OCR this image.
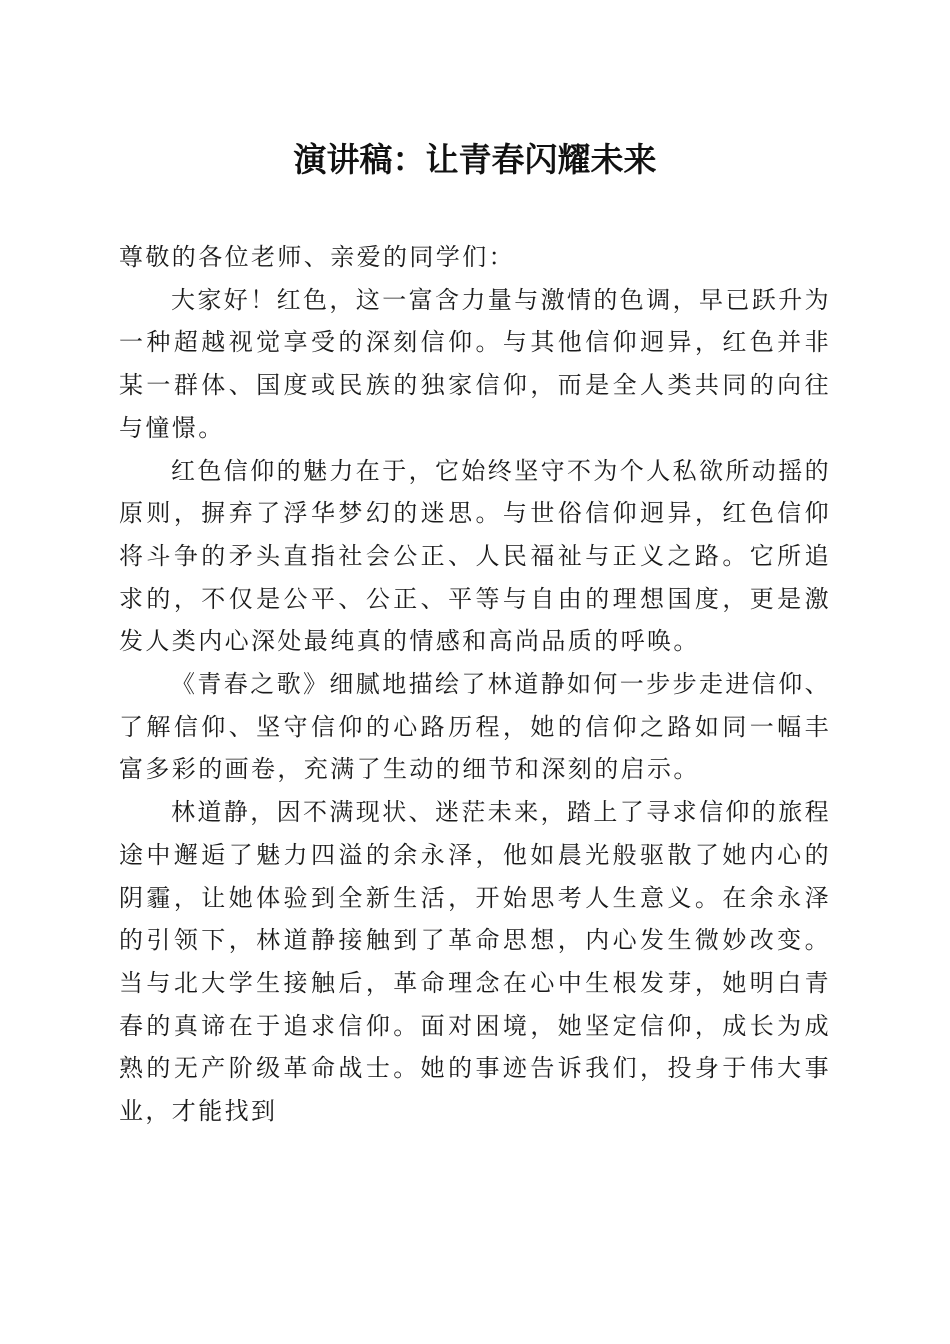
演讲稿：让青春闪耀未来

尊敬的各位老师、亲爱的同学们：

大家好！红色，这一富含力量与激情的色调，早已跃升为一种超越视觉享受的深刻信仰。与其他信仰迥异，红色并非某一群体、国度或民族的独家信仰，而是全人类共同的向往与憧憬。

红色信仰的魅力在于，它始终坚守不为个人私欲所动摇的原则，摒弃了浮华梦幻的迷思。与世俗信仰迥异，红色信仰将斗争的矛头直指社会公正、人民福祉与正义之路。它所追求的，不仅是公平、公正、平等与自由的理想国度，更是激发人类内心深处最纯真的情感和高尚品质的呼唤。

《青春之歌》细腻地描绘了林道静如何一步步走进信仰、了解信仰、坚守信仰的心路历程，她的信仰之路如同一幅丰富多彩的画卷，充满了生动的细节和深刻的启示。

林道静，因不满现状、迷茫未来，踏上了寻求信仰的旅程途中邂逅了魅力四溢的余永泽，他如晨光般驱散了她内心的阴霾，让她体验到全新生活，开始思考人生意义。在余永泽的引领下，林道静接触到了革命思想，内心发生微妙改变。当与北大学生接触后，革命理念在心中生根发芽，她明白青春的真谛在于追求信仰。面对困境，她坚定信仰，成长为成熟的无产阶级革命战士。她的事迹告诉我们，投身于伟大事业，才能找到
